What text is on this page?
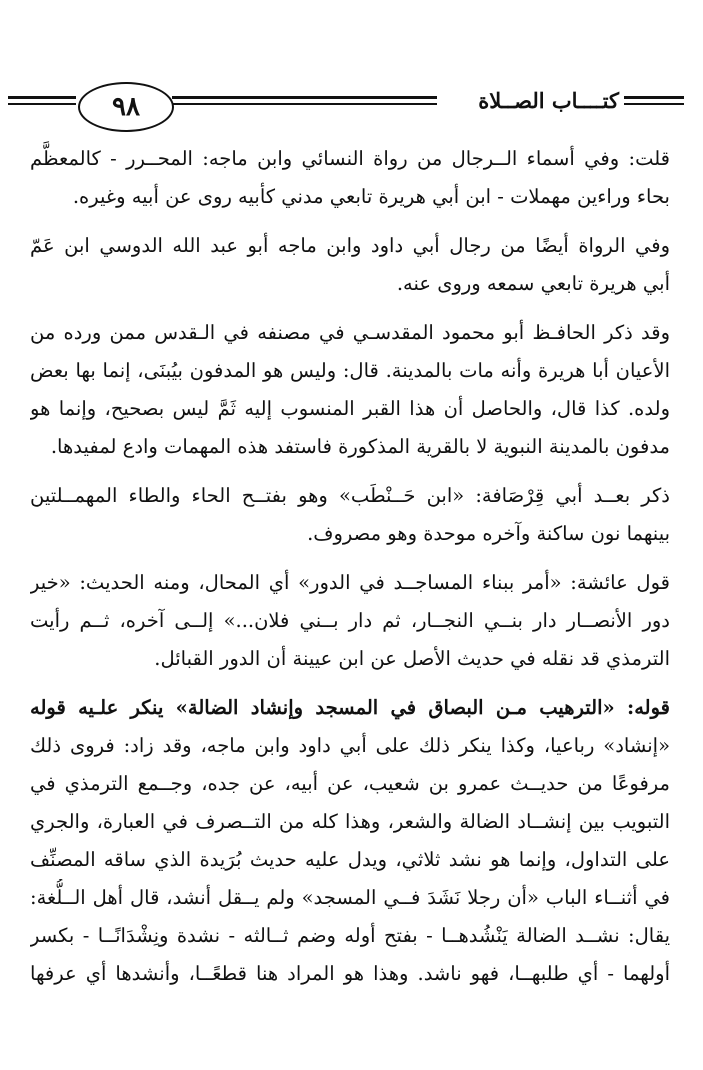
٩٨	كتــــاب الصــلاة
قلت: وفي أسماء الــرجال من رواة النسائي وابن ماجه: المحــرر - كالمعظَّم
بحاء وراءين مهملات - ابن أبي هريرة تابعي مدني كأبيه روى عن أبيه وغيره.
وفي الرواة أيضًا من رجال أبي داود وابن ماجه أبو عبد الله الدوسي ابن عَمّ
أبي هريرة تابعي سمعه وروى عنه.
وقد ذكر الحافـظ أبو محمود المقدسـي في مصنفه في الـقدس ممن ورده من
الأعيان أبا هريرة وأنه مات بالمدينة. قال: وليس هو المدفون بيُبنَى، إنما بها بعض
ولده. كذا قال، والحاصل أن هذا القبر المنسوب إليه ثَمَّ ليس بصحيح، وإنما هو
مدفون بالمدينة النبوية لا بالقرية المذكورة فاستفد هذه المهمات وادع لمفيدها.
ذكر بعــد أبي قِرْصَافة: «ابن حَــنْطَب» وهو بفتــح الحاء والطاء المهمــلتين
بينهما نون ساكنة وآخره موحدة وهو مصروف.
قول عائشة: «أمر ببناء المساجــد في الدور» أي المحال، ومنه الحديث: «خير
دور الأنصــار دار بنــي النجــار، ثم دار بــني فلان...» إلــى آخره، ثــم رأيت
الترمذي قد نقله في حديث الأصل عن ابن عيينة أن الدور القبائل.
قوله: «الترهيب مـن البصاق في المسجد وإنشاد الضالة» ينكر علـيه قوله
«إنشاد» رباعيا، وكذا ينكر ذلك على أبي داود وابن ماجه، وقد زاد: فروى ذلك
مرفوعًا من حديــث عمرو بن شعيب، عن أبيه، عن جده، وجــمع الترمذي في
التبويب بين إنشــاد الضالة والشعر، وهذا كله من التــصرف في العبارة، والجري
على التداول، وإنما هو نشد ثلاثي، ويدل عليه حديث بُرَيدة الذي ساقه المصنِّف
في أثنــاء الباب «أن رجلا نَشَدَ فــي المسجد» ولم يــقل أنشد، قال أهل الــلُّغة:
يقال: نشــد الضالة يَنْشُدهــا - بفتح أوله وضم ثــالثه - نشدة ونِشْدَانًــا - بكسر
أولهما - أي طلبهــا، فهو ناشد. وهذا هو المراد هنا قطعًــا، وأنشدها أي عرفها
